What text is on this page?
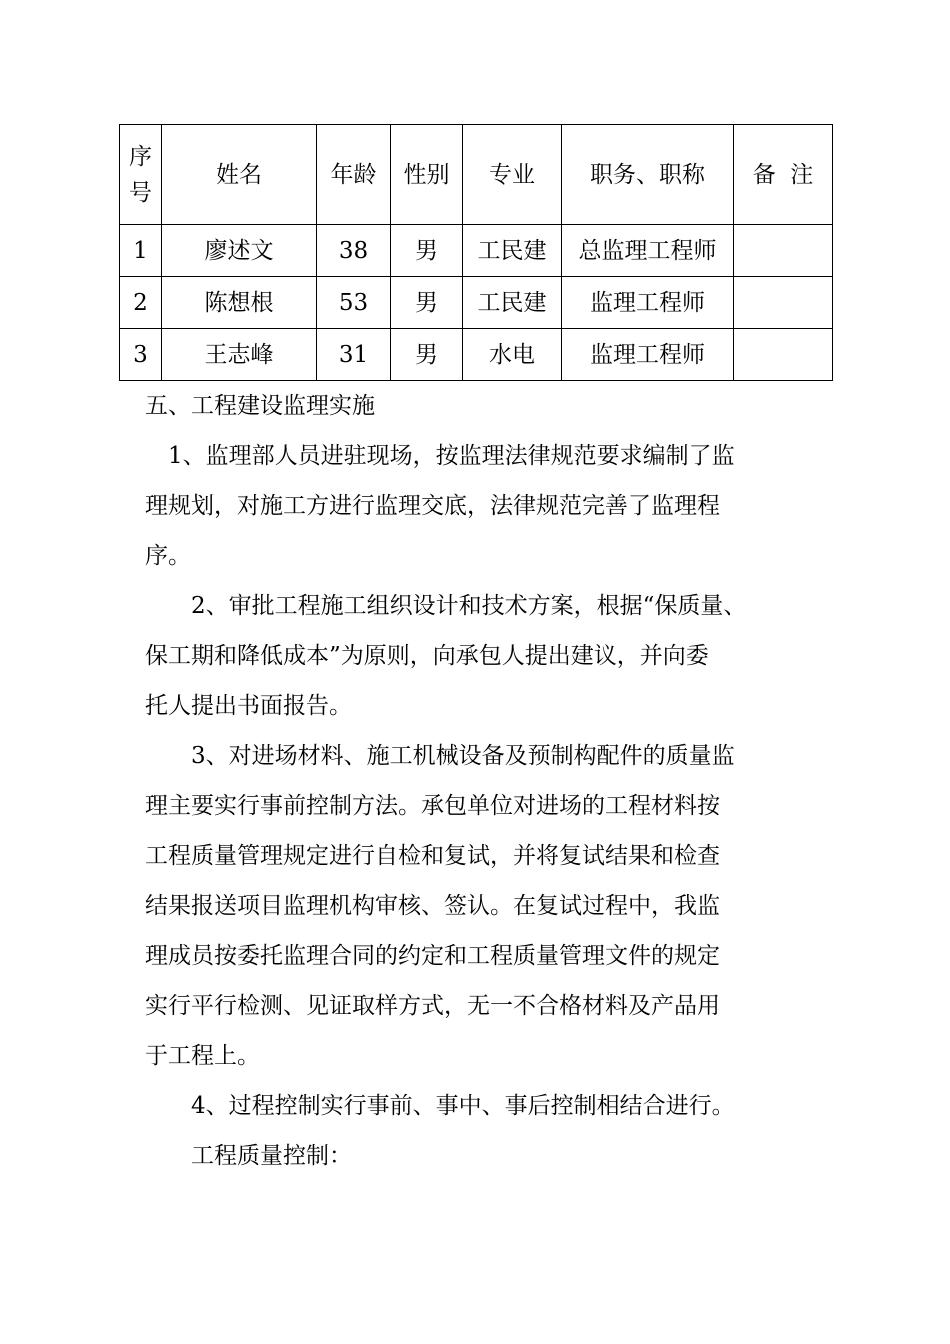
序
号	姓名	年龄	性别	专业	职务、职称	备  注
1	廖述文	38	男	工民建	总监理工程师	
2	陈想根	53	男	工民建	监理工程师	
3	王志峰	31	男	水电	监理工程师	

五、工程建设监理实施

1、监理部人员进驻现场，按监理法律规范要求编制了监
理规划，对施工方进行监理交底，法律规范完善了监理程
序。

2、审批工程施工组织设计和技术方案，根据“保质量、
保工期和降低成本”为原则，向承包人提出建议，并向委
托人提出书面报告。

3、对进场材料、施工机械设备及预制构配件的质量监
理主要实行事前控制方法。承包单位对进场的工程材料按
工程质量管理规定进行自检和复试，并将复试结果和检查
结果报送项目监理机构审核、签认。在复试过程中，我监
理成员按委托监理合同的约定和工程质量管理文件的规定
实行平行检测、见证取样方式，无一不合格材料及产品用
于工程上。

4、过程控制实行事前、事中、事后控制相结合进行。

工程质量控制：
